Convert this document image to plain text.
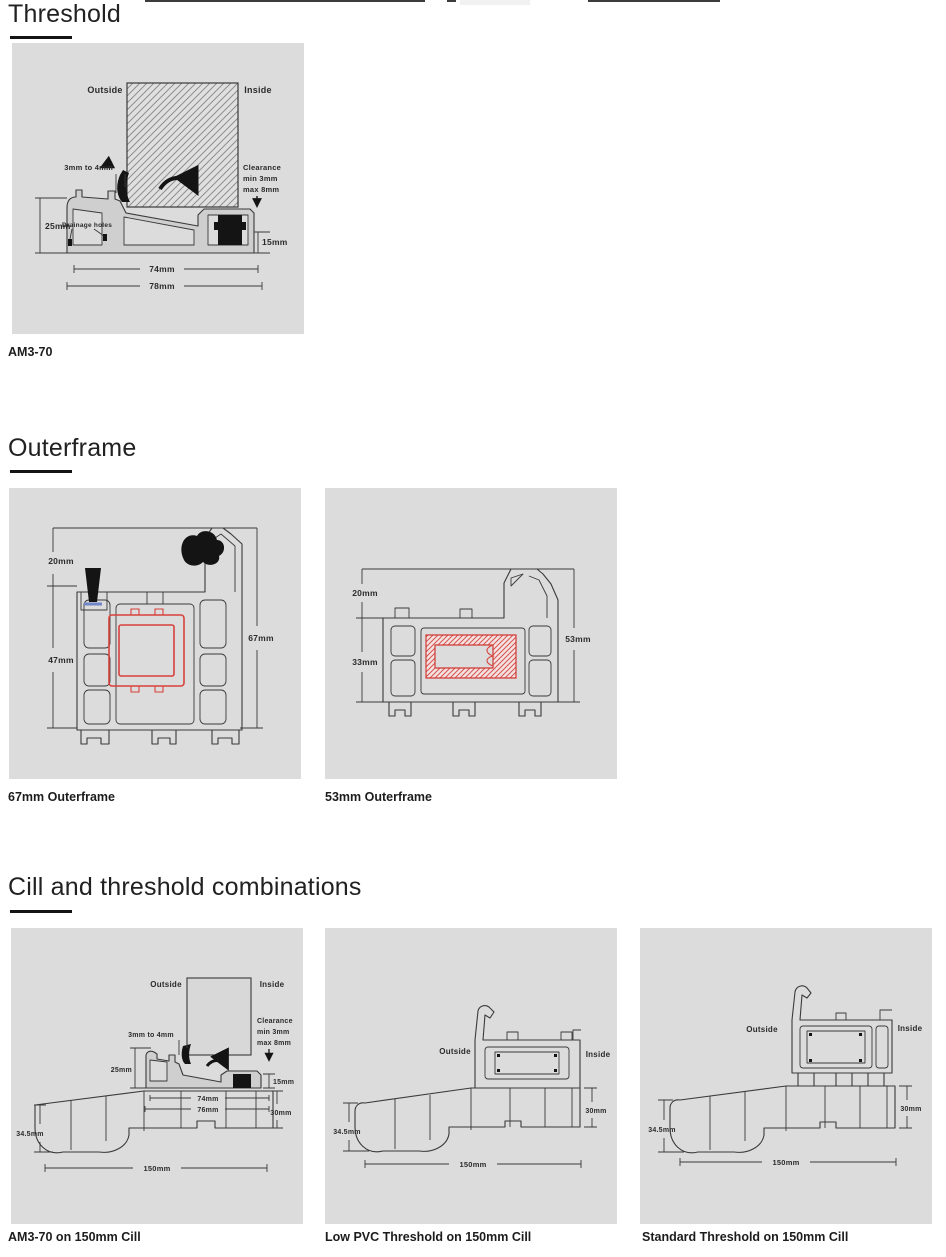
Threshold
Outside	Inside
Drainage holes
3mm to 4mm	Clearance
min 3mm
max 8mm
25mm
15mm
74mm
78mm
AM3-70
Outerframe
20mm
47mm
67mm
20mm
33mm
53mm
67mm Outerframe	53mm Outerframe
Cill and threshold combinations
Outside	Inside
3mm to 4mm
Clearance
min 3mm
max 8mm
25mm
15mm
74mm
76mm	30mm
34.5mm
150mm
Outside	Inside
30mm
34.5mm
150mm
Outside	Inside
30mm
34.5mm
150mm
AM3-70 on 150mm Cill	Low PVC Threshold on 150mm Cill	Standard Threshold on 150mm Cill
